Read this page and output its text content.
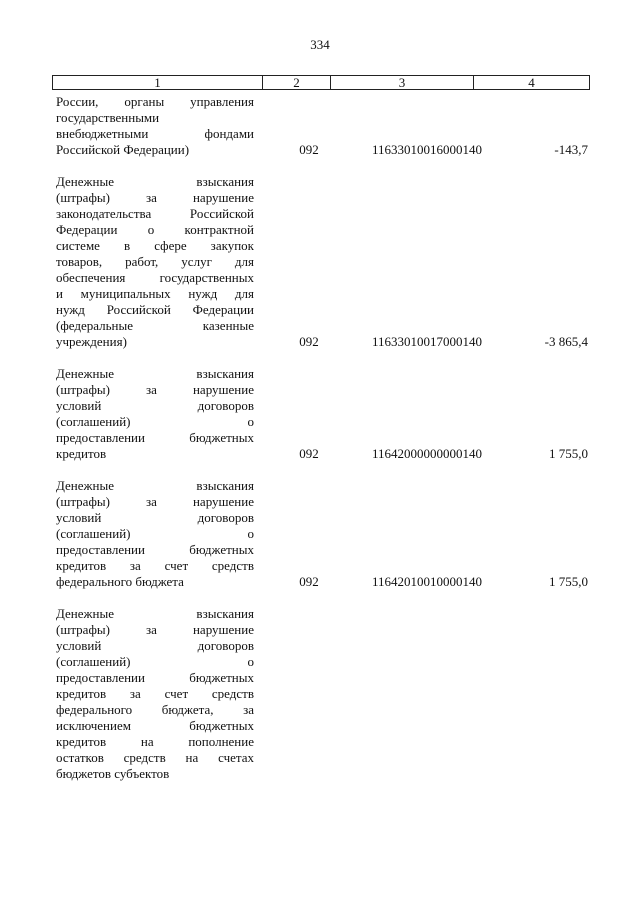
334
1	2	3	4
России, органы управления
государственными
внебюджетными фондами
Российской Федерации)	092	11633010016000140	-143,7
Денежные взыскания
(штрафы) за нарушение
законодательства Российской
Федерации о контрактной
системе в сфере закупок
товаров, работ, услуг для
обеспечения государственных
и муниципальных нужд для
нужд Российской Федерации
(федеральные казенные
учреждения)	092	11633010017000140	-3 865,4
Денежные взыскания
(штрафы) за нарушение
условий договоров
(соглашений) о
предоставлении бюджетных
кредитов	092	11642000000000140	1 755,0
Денежные взыскания
(штрафы) за нарушение
условий договоров
(соглашений) о
предоставлении бюджетных
кредитов за счет средств
федерального бюджета	092	11642010010000140	1 755,0
Денежные взыскания
(штрафы) за нарушение
условий договоров
(соглашений) о
предоставлении бюджетных
кредитов за счет средств
федерального бюджета, за
исключением бюджетных
кредитов на пополнение
остатков средств на счетах
бюджетов субъектов
